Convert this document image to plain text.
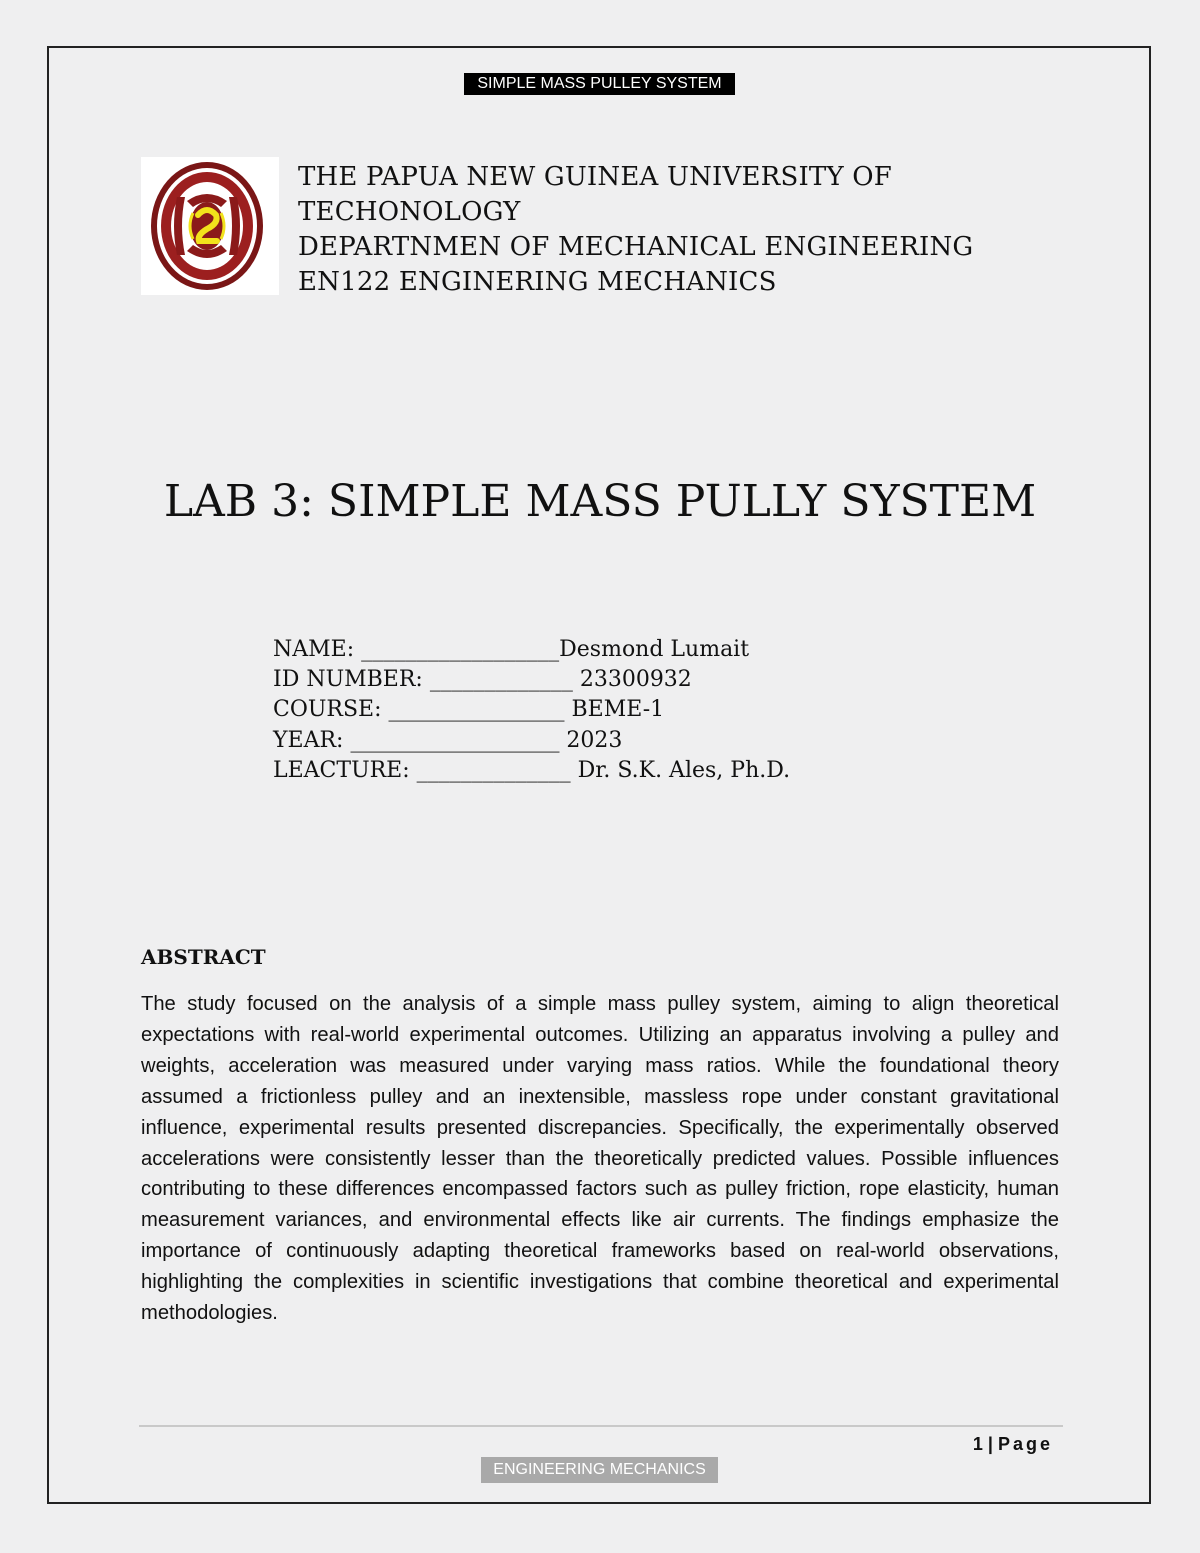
SIMPLE MASS PULLEY SYSTEM
THE PAPUA NEW GUINEA UNIVERSITY OF
TECHONOLOGY
DEPARTNMEN OF MECHANICAL ENGINEERING
EN122 ENGINERING MECHANICS
LAB 3: SIMPLE MASS PULLY SYSTEM
NAME: __________________Desmond Lumait
ID NUMBER: _____________ 23300932
COURSE: ________________ BEME-1
YEAR: ___________________ 2023
LEACTURE: ______________ Dr. S.K. Ales, Ph.D.
ABSTRACT
The study focused on the analysis of a simple mass pulley system, aiming to align theoretical expectations with real-world experimental outcomes. Utilizing an apparatus involving a pulley and weights, acceleration was measured under varying mass ratios. While the foundational theory assumed a frictionless pulley and an inextensible, massless rope under constant gravitational influence, experimental results presented discrepancies. Specifically, the experimentally observed accelerations were consistently lesser than the theoretically predicted values. Possible influences contributing to these differences encompassed factors such as pulley friction, rope elasticity, human measurement variances, and environmental effects like air currents. The findings emphasize the importance of continuously adapting theoretical frameworks based on real-world observations, highlighting the complexities in scientific investigations that combine theoretical and experimental methodologies.
1 | Page
ENGINEERING MECHANICS
